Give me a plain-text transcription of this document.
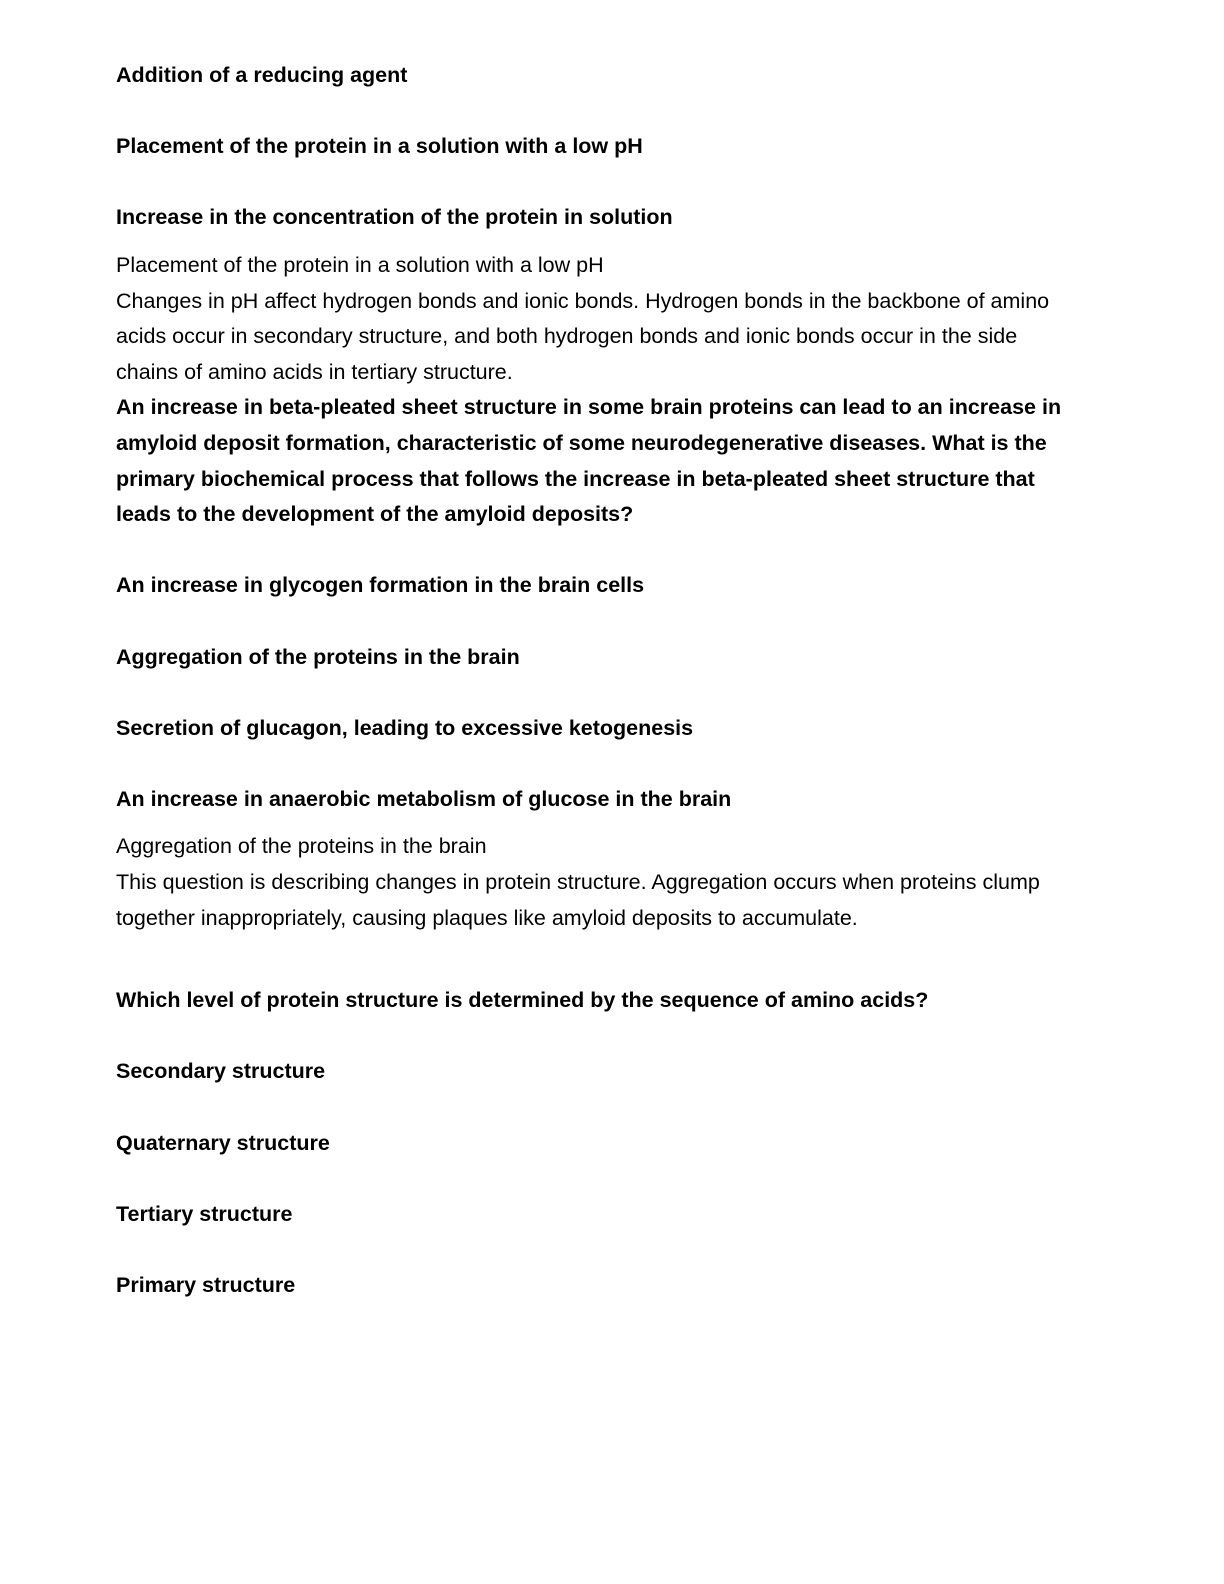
Addition of a reducing agent

Placement of the protein in a solution with a low pH

Increase in the concentration of the protein in solution

Placement of the protein in a solution with a low pH

Changes in pH affect hydrogen bonds and ionic bonds. Hydrogen bonds in the backbone of amino acids occur in secondary structure, and both hydrogen bonds and ionic bonds occur in the side chains of amino acids in tertiary structure.

An increase in beta-pleated sheet structure in some brain proteins can lead to an increase in amyloid deposit formation, characteristic of some neurodegenerative diseases. What is the primary biochemical process that follows the increase in beta-pleated sheet structure that leads to the development of the amyloid deposits?

An increase in glycogen formation in the brain cells

Aggregation of the proteins in the brain

Secretion of glucagon, leading to excessive ketogenesis

An increase in anaerobic metabolism of glucose in the brain

Aggregation of the proteins in the brain

This question is describing changes in protein structure. Aggregation occurs when proteins clump together inappropriately, causing plaques like amyloid deposits to accumulate.

Which level of protein structure is determined by the sequence of amino acids?

Secondary structure

Quaternary structure

Tertiary structure

Primary structure
